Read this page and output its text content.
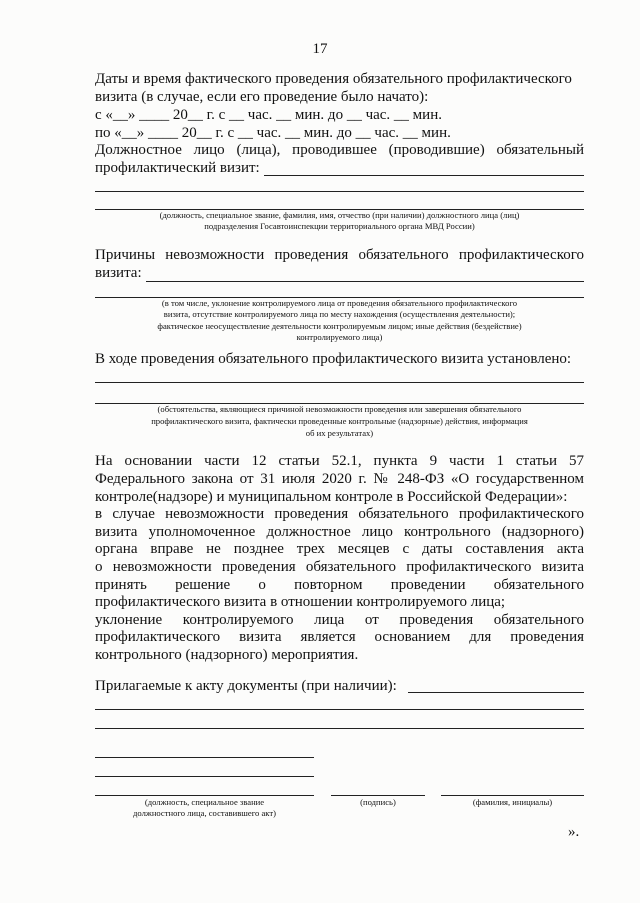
17
Даты и время фактического проведения обязательного профилактического
визита (в случае, если его проведение было начато):
с «__» ____ 20__ г. с __ час. __ мин. до __ час. __ мин.
по «__» ____ 20__ г. с __ час. __ мин. до __ час. __ мин.
Должностное лицо (лица), проводившее (проводившие) обязательный
профилактический визит:
(должность, специальное звание, фамилия, имя, отчество (при наличии) должностного лица (лиц)
подразделения Госавтоинспекции территориального органа МВД России)
Причины невозможности проведения обязательного профилактического
визита:
(в том числе, уклонение контролируемого лица от проведения обязательного профилактического
визита, отсутствие контролируемого лица по месту нахождения (осуществления деятельности);
фактическое неосуществление деятельности контролируемым лицом; иные действия (бездействие)
контролируемого лица)
В ходе проведения обязательного профилактического визита установлено:
(обстоятельства, являющиеся причиной невозможности проведения или завершения обязательного
профилактического визита, фактически проведенные контрольные (надзорные) действия, информация
об их результатах)
На основании части 12 статьи 52.1, пункта 9 части 1 статьи 57
Федерального закона от 31 июля 2020 г. № 248-ФЗ «О государственном
контроле(надзоре) и муниципальном контроле в Российской Федерации»:
в случае невозможности проведения обязательного профилактического
визита уполномоченное должностное лицо контрольного (надзорного)
органа вправе не позднее трех месяцев с даты составления акта
о невозможности проведения обязательного профилактического визита
принять решение о повторном проведении обязательного
профилактического визита в отношении контролируемого лица;
уклонение контролируемого лица от проведения обязательного
профилактического визита является основанием для проведения
контрольного (надзорного) мероприятия.
Прилагаемые к акту документы (при наличии):
(должность, специальное звание
должностного лица, составившего акт)
(подпись)	(фамилия, инициалы)
».
